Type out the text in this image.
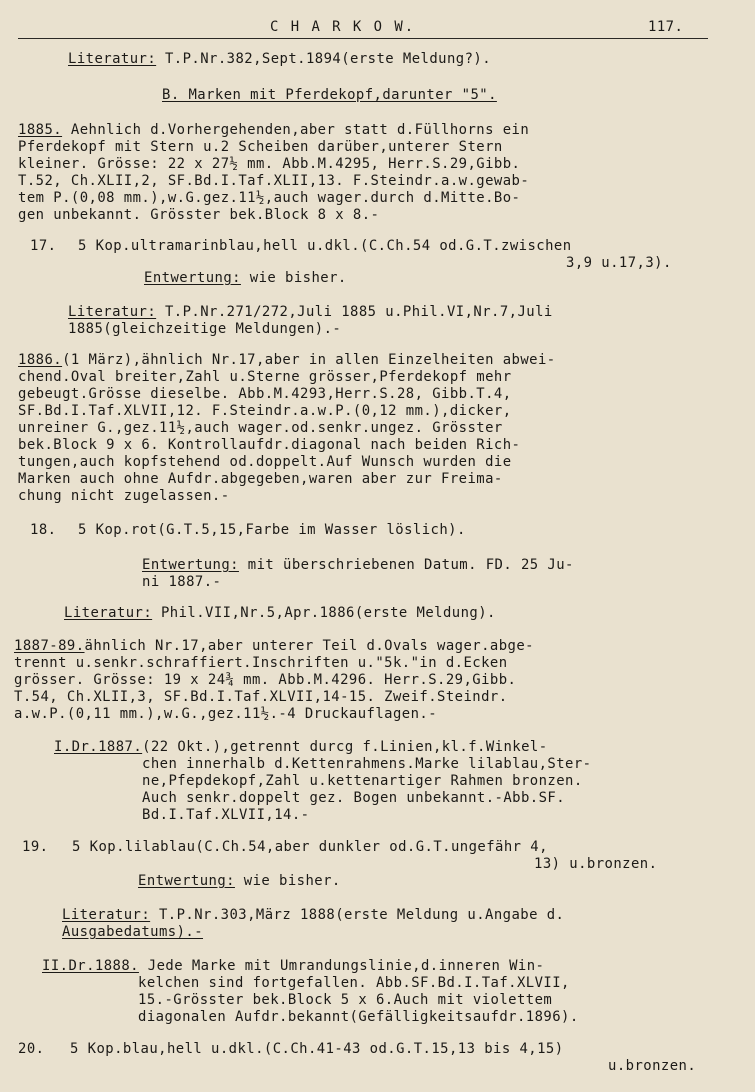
C H A R K O W.	117.
Literatur: T.P.Nr.382,Sept.1894(erste Meldung?).
B. Marken mit Pferdekopf,darunter "5".
1885. Aehnlich d.Vorhergehenden,aber statt d.Füllhorns ein
Pferdekopf mit Stern u.2 Scheiben darüber,unterer Stern
kleiner. Grösse: 22 x 27½ mm. Abb.M.4295, Herr.S.29,Gibb.
T.52, Ch.XLII,2, SF.Bd.I.Taf.XLII,13. F.Steindr.a.w.gewab-
tem P.(0,08 mm.),w.G.gez.11½,auch wager.durch d.Mitte.Bo-
gen unbekannt. Grösster bek.Block 8 x 8.-
17. 5 Kop.ultramarinblau,hell u.dkl.(C.Ch.54 od.G.T.zwischen
3,9 u.17,3).
Entwertung: wie bisher.
Literatur: T.P.Nr.271/272,Juli 1885 u.Phil.VI,Nr.7,Juli
1885(gleichzeitige Meldungen).-
1886.(1 März),ähnlich Nr.17,aber in allen Einzelheiten abwei-
chend.Oval breiter,Zahl u.Sterne grösser,Pferdekopf mehr
gebeugt.Grösse dieselbe. Abb.M.4293,Herr.S.28, Gibb.T.4,
SF.Bd.I.Taf.XLVII,12. F.Steindr.a.w.P.(0,12 mm.),dicker,
unreiner G.,gez.11½,auch wager.od.senkr.ungez. Grösster
bek.Block 9 x 6. Kontrollaufdr.diagonal nach beiden Rich-
tungen,auch kopfstehend od.doppelt.Auf Wunsch wurden die
Marken auch ohne Aufdr.abgegeben,waren aber zur Freima-
chung nicht zugelassen.-
18. 5 Kop.rot(G.T.5,15,Farbe im Wasser löslich).
Entwertung: mit überschriebenen Datum. FD. 25 Ju-
ni 1887.-
Literatur: Phil.VII,Nr.5,Apr.1886(erste Meldung).
1887-89.ähnlich Nr.17,aber unterer Teil d.Ovals wager.abge-
trennt u.senkr.schraffiert.Inschriften u."5k."in d.Ecken
grösser. Grösse: 19 x 24¾ mm. Abb.M.4296. Herr.S.29,Gibb.
T.54, Ch.XLII,3, SF.Bd.I.Taf.XLVII,14-15. Zweif.Steindr.
a.w.P.(0,11 mm.),w.G.,gez.11½.-4 Druckauflagen.-
I.Dr.1887.(22 Okt.),getrennt durcg f.Linien,kl.f.Winkel-
chen innerhalb d.Kettenrahmens.Marke lilablau,Ster-
ne,Pfepdekopf,Zahl u.kettenartiger Rahmen bronzen.
Auch senkr.doppelt gez. Bogen unbekannt.-Abb.SF.
Bd.I.Taf.XLVII,14.-
19. 5 Kop.lilablau(C.Ch.54,aber dunkler od.G.T.ungefähr 4,
13) u.bronzen.
Entwertung: wie bisher.
Literatur: T.P.Nr.303,März 1888(erste Meldung u.Angabe d.
Ausgabedatums).-
II.Dr.1888. Jede Marke mit Umrandungslinie,d.inneren Win-
kelchen sind fortgefallen. Abb.SF.Bd.I.Taf.XLVII,
15.-Grösster bek.Block 5 x 6.Auch mit violettem
diagonalen Aufdr.bekannt(Gefälligkeitsaufdr.1896).
20. 5 Kop.blau,hell u.dkl.(C.Ch.41-43 od.G.T.15,13 bis 4,15)
u.bronzen.
